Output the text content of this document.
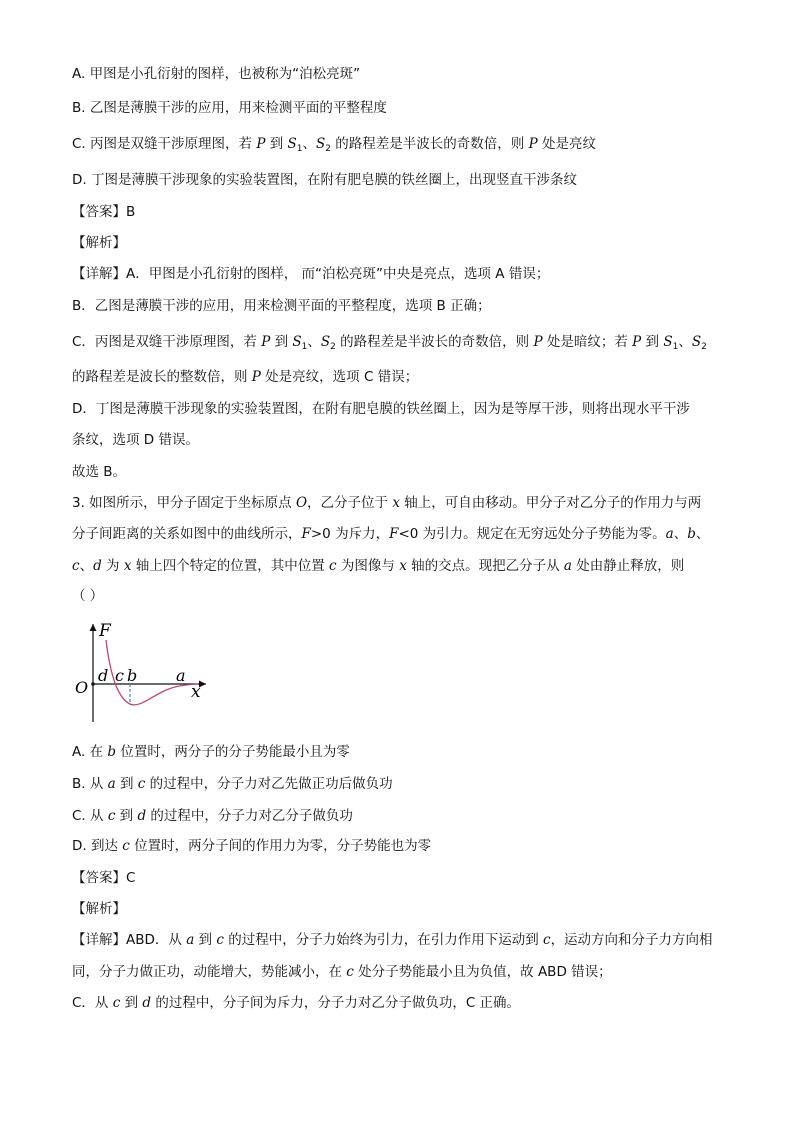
A. 甲图是小孔衍射的图样，也被称为“泊松亮斑”
B. 乙图是薄膜干涉的应用，用来检测平面的平整程度
C. 丙图是双缝干涉原理图，若 P 到 $S_1$、$S_2$ 的路程差是半波长的奇数倍，则 P 处是亮纹
D. 丁图是薄膜干涉现象的实验装置图，在附有肥皂膜的铁丝圈上，出现竖直干涉条纹
【答案】B
【解析】
【详解】A．甲图是小孔衍射的图样， 而“泊松亮斑”中央是亮点，选项 A 错误；
B．乙图是薄膜干涉的应用，用来检测平面的平整程度，选项 B 正确；
C．丙图是双缝干涉原理图，若 P 到 $S_1$、$S_2$ 的路程差是半波长的奇数倍，则 P 处是暗纹；若 P 到 $S_1$、$S_2$
的路程差是波长的整数倍，则 P 处是亮纹，选项 C 错误；
D．丁图是薄膜干涉现象的实验装置图，在附有肥皂膜的铁丝圈上，因为是等厚干涉，则将出现水平干涉
条纹，选项 D 错误。
故选 B。
3. 如图所示，甲分子固定于坐标原点 O，乙分子位于 x 轴上，可自由移动。甲分子对乙分子的作用力与两
分子间距离的关系如图中的曲线所示，F>0 为斥力，F<0 为引力。规定在无穷远处分子势能为零。a、b、
c、d 为 x 轴上四个特定的位置，其中位置 c 为图像与 x 轴的交点。现把乙分子从 a 处由静止释放，则
（ ）
F
O
d c b a
x
A. 在 b 位置时，两分子的分子势能最小且为零
B. 从 a 到 c 的过程中，分子力对乙先做正功后做负功
C. 从 c 到 d 的过程中，分子力对乙分子做负功
D. 到达 c 位置时，两分子间的作用力为零，分子势能也为零
【答案】C
【解析】
【详解】ABD．从 a 到 c 的过程中，分子力始终为引力，在引力作用下运动到 c，运动方向和分子力方向相
同，分子力做正功，动能增大，势能减小，在 c 处分子势能最小且为负值，故 ABD 错误；
C．从 c 到 d 的过程中，分子间为斥力，分子力对乙分子做负功，C 正确。
